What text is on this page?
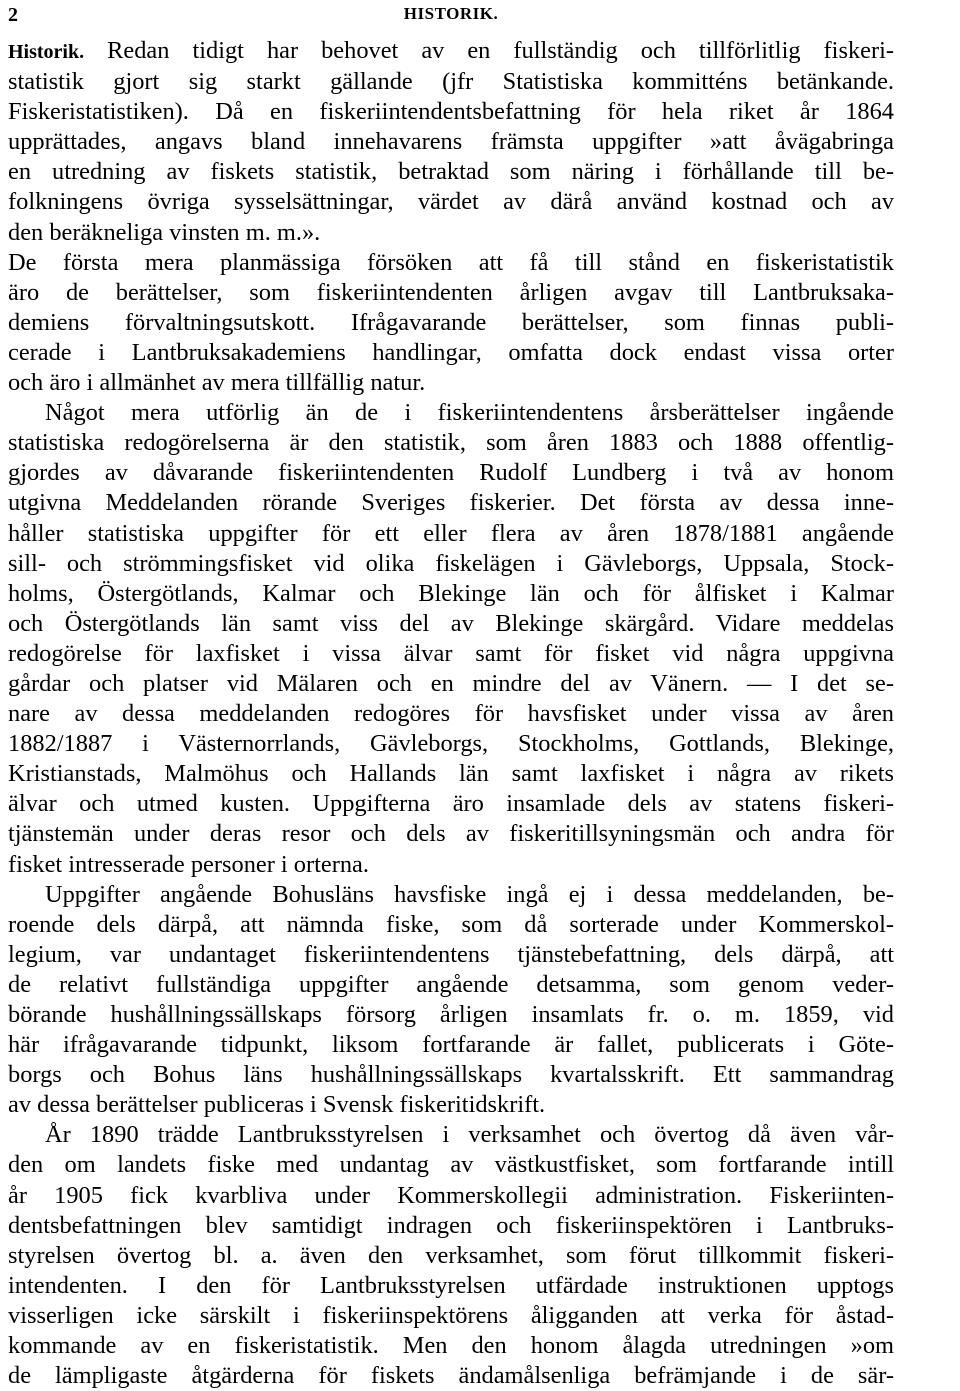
2	HISTORIK.

Historik. Redan tidigt har behovet av en fullständig och tillförlitlig fiskeri-
statistik gjort sig starkt gällande (jfr Statistiska kommitténs betänkande.
Fiskeristatistiken). Då en fiskeriintendentsbefattning för hela riket år 1864
upprättades, angavs bland innehavarens främsta uppgifter »att åvägabringa
en utredning av fiskets statistik, betraktad som näring i förhållande till be-
folkningens övriga sysselsättningar, värdet av därå använd kostnad och av
den beräkneliga vinsten m. m.».

De första mera planmässiga försöken att få till stånd en fiskeristatistik
äro de berättelser, som fiskeriintendenten årligen avgav till Lantbruksaka-
demiens förvaltningsutskott. Ifrågavarande berättelser, som finnas publi-
cerade i Lantbruksakademiens handlingar, omfatta dock endast vissa orter
och äro i allmänhet av mera tillfällig natur.

Något mera utförlig än de i fiskeriintendentens årsberättelser ingående
statistiska redogörelserna är den statistik, som åren 1883 och 1888 offentlig-
gjordes av dåvarande fiskeriintendenten Rudolf Lundberg i två av honom
utgivna Meddelanden rörande Sveriges fiskerier. Det första av dessa inne-
håller statistiska uppgifter för ett eller flera av åren 1878/1881 angående
sill- och strömmingsfisket vid olika fiskelägen i Gävleborgs, Uppsala, Stock-
holms, Östergötlands, Kalmar och Blekinge län och för ålfisket i Kalmar
och Östergötlands län samt viss del av Blekinge skärgård. Vidare meddelas
redogörelse för laxfisket i vissa älvar samt för fisket vid några uppgivna
gårdar och platser vid Mälaren och en mindre del av Vänern. — I det se-
nare av dessa meddelanden redogöres för havsfisket under vissa av åren
1882/1887 i Västernorrlands, Gävleborgs, Stockholms, Gottlands, Blekinge,
Kristianstads, Malmöhus och Hallands län samt laxfisket i några av rikets
älvar och utmed kusten. Uppgifterna äro insamlade dels av statens fiskeri-
tjänstemän under deras resor och dels av fiskeritillsyningsmän och andra för
fisket intresserade personer i orterna.

Uppgifter angående Bohusläns havsfiske ingå ej i dessa meddelanden, be-
roende dels därpå, att nämnda fiske, som då sorterade under Kommerskol-
legium, var undantaget fiskeriintendentens tjänstebefattning, dels därpå, att
de relativt fullständiga uppgifter angående detsamma, som genom veder-
börande hushållningssällskaps försorg årligen insamlats fr. o. m. 1859, vid
här ifrågavarande tidpunkt, liksom fortfarande är fallet, publicerats i Göte-
borgs och Bohus läns hushållningssällskaps kvartalsskrift. Ett sammandrag
av dessa berättelser publiceras i Svensk fiskeritidskrift.

År 1890 trädde Lantbruksstyrelsen i verksamhet och övertog då även vår-
den om landets fiske med undantag av västkustfisket, som fortfarande intill
år 1905 fick kvarbliva under Kommerskollegii administration. Fiskeriinten-
dentsbefattningen blev samtidigt indragen och fiskeriinspektören i Lantbruks-
styrelsen övertog bl. a. även den verksamhet, som förut tillkommit fiskeri-
intendenten. I den för Lantbruksstyrelsen utfärdade instruktionen upptogs
visserligen icke särskilt i fiskeriinspektörens åligganden att verka för åstad-
kommande av en fiskeristatistik. Men den honom ålagda utredningen »om
de lämpligaste åtgärderna för fiskets ändamålsenliga befrämjande i de sär-
